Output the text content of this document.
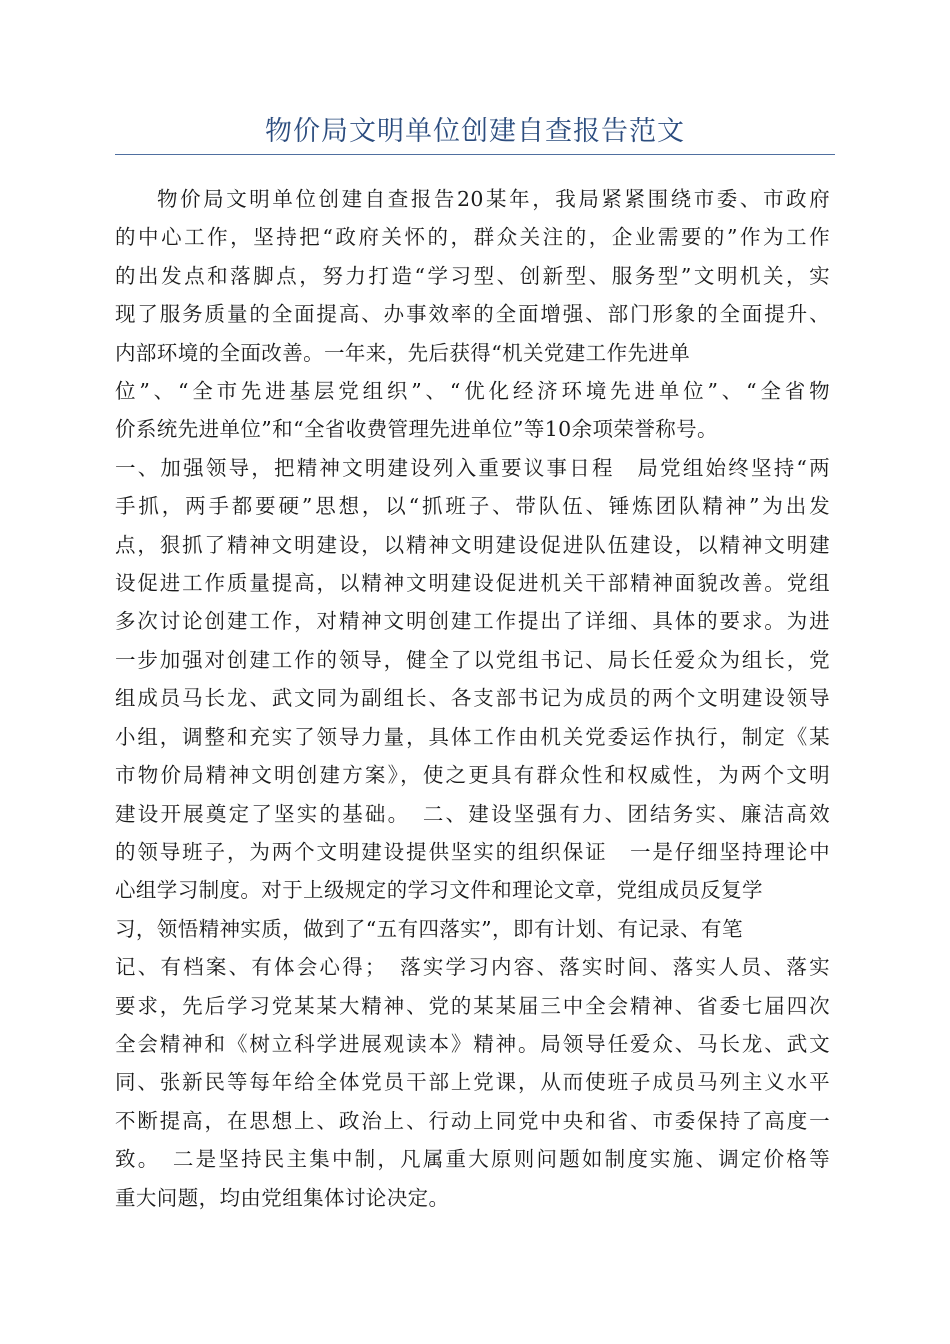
物价局文明单位创建自查报告范文
物价局文明单位创建自查报告20某年，我局紧紧围绕市委、市政府
的中心工作，坚持把“政府关怀的，群众关注的，企业需要的”作为工作
的出发点和落脚点，努力打造“学习型、创新型、服务型”文明机关，实
现了服务质量的全面提高、办事效率的全面增强、部门形象的全面提升、
内部环境的全面改善。一年来，先后获得“机关党建工作先进单
位”、“全市先进基层党组织”、“优化经济环境先进单位”、“全省物
价系统先进单位”和“全省收费管理先进单位”等10余项荣誉称号。
一、加强领导，把精神文明建设列入重要议事日程　局党组始终坚持“两
手抓，两手都要硬”思想，以“抓班子、带队伍、锤炼团队精神”为出发
点，狠抓了精神文明建设，以精神文明建设促进队伍建设，以精神文明建
设促进工作质量提高，以精神文明建设促进机关干部精神面貌改善。党组
多次讨论创建工作，对精神文明创建工作提出了详细、具体的要求。为进
一步加强对创建工作的领导，健全了以党组书记、局长任爱众为组长，党
组成员马长龙、武文同为副组长、各支部书记为成员的两个文明建设领导
小组，调整和充实了领导力量，具体工作由机关党委运作执行，制定《某
市物价局精神文明创建方案》，使之更具有群众性和权威性，为两个文明
建设开展奠定了坚实的基础。　二、建设坚强有力、团结务实、廉洁高效
的领导班子，为两个文明建设提供坚实的组织保证　一是仔细坚持理论中
心组学习制度。对于上级规定的学习文件和理论文章，党组成员反复学
习，领悟精神实质，做到了“五有四落实”，即有计划、有记录、有笔
记、有档案、有体会心得；　落实学习内容、落实时间、落实人员、落实
要求，先后学习党某某大精神、党的某某届三中全会精神、省委七届四次
全会精神和《树立科学进展观读本》精神。局领导任爱众、马长龙、武文
同、张新民等每年给全体党员干部上党课，从而使班子成员马列主义水平
不断提高，在思想上、政治上、行动上同党中央和省、市委保持了高度一
致。　二是坚持民主集中制，凡属重大原则问题如制度实施、调定价格等
重大问题，均由党组集体讨论决定。
